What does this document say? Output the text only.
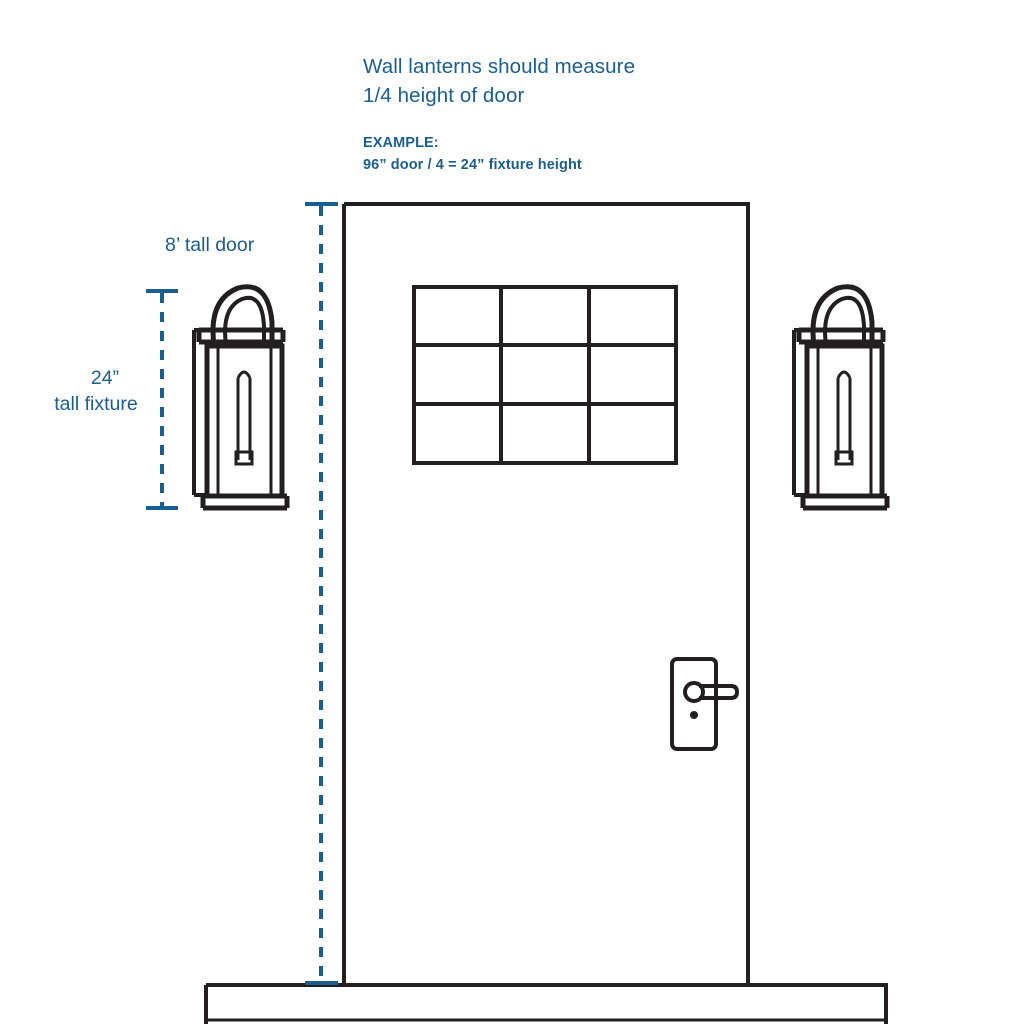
Wall lanterns should measure
1/4 height of door
EXAMPLE:
96” door / 4 = 24” fixture height
8’ tall door
24”
tall fixture
